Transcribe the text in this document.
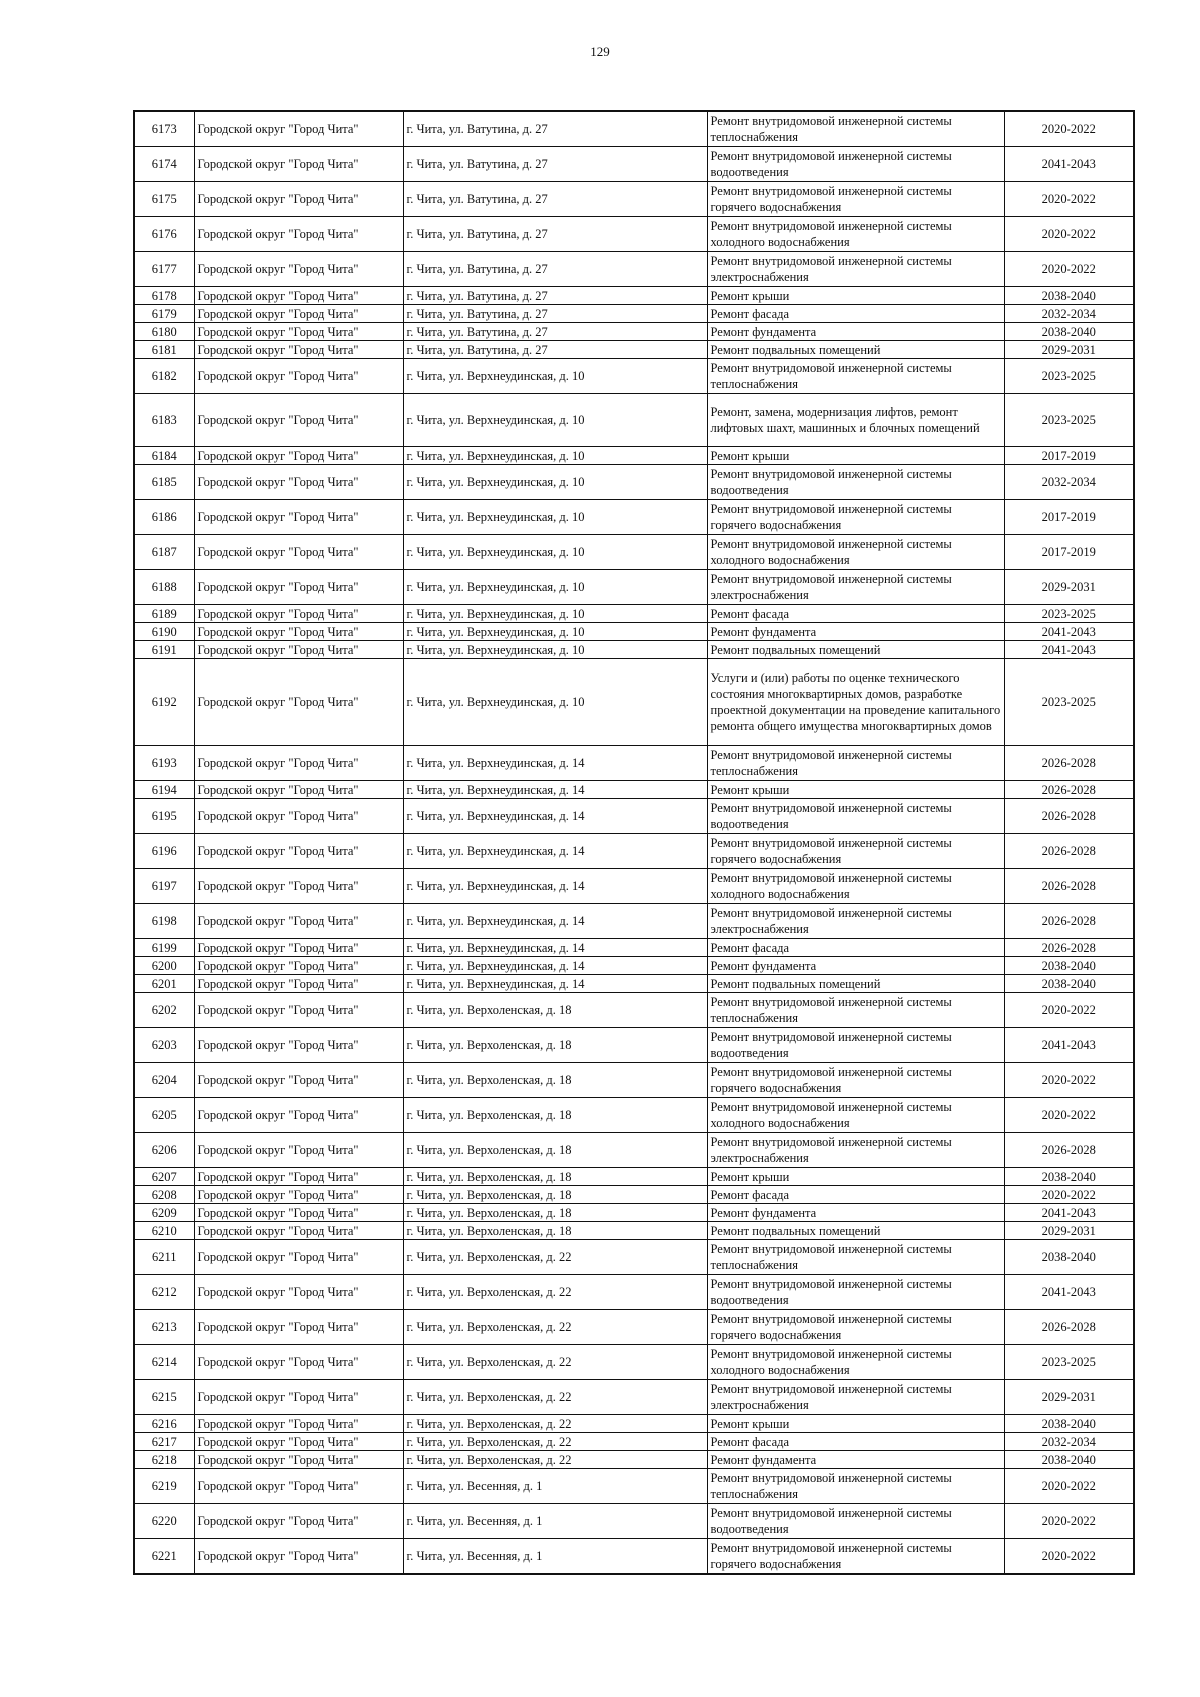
129
6173	Городской округ "Город Чита"	г. Чита, ул. Ватутина, д. 27	Ремонт внутридомовой инженерной системы теплоснабжения	2020-2022
6174	Городской округ "Город Чита"	г. Чита, ул. Ватутина, д. 27	Ремонт внутридомовой инженерной системы водоотведения	2041-2043
6175	Городской округ "Город Чита"	г. Чита, ул. Ватутина, д. 27	Ремонт внутридомовой инженерной системы горячего водоснабжения	2020-2022
6176	Городской округ "Город Чита"	г. Чита, ул. Ватутина, д. 27	Ремонт внутридомовой инженерной системы холодного водоснабжения	2020-2022
6177	Городской округ "Город Чита"	г. Чита, ул. Ватутина, д. 27	Ремонт внутридомовой инженерной системы электроснабжения	2020-2022
6178	Городской округ "Город Чита"	г. Чита, ул. Ватутина, д. 27	Ремонт крыши	2038-2040
6179	Городской округ "Город Чита"	г. Чита, ул. Ватутина, д. 27	Ремонт фасада	2032-2034
6180	Городской округ "Город Чита"	г. Чита, ул. Ватутина, д. 27	Ремонт фундамента	2038-2040
6181	Городской округ "Город Чита"	г. Чита, ул. Ватутина, д. 27	Ремонт подвальных помещений	2029-2031
6182	Городской округ "Город Чита"	г. Чита, ул. Верхнеудинская, д. 10	Ремонт внутридомовой инженерной системы теплоснабжения	2023-2025
6183	Городской округ "Город Чита"	г. Чита, ул. Верхнеудинская, д. 10	Ремонт, замена, модернизация лифтов, ремонт лифтовых шахт, машинных и блочных помещений	2023-2025
6184	Городской округ "Город Чита"	г. Чита, ул. Верхнеудинская, д. 10	Ремонт крыши	2017-2019
6185	Городской округ "Город Чита"	г. Чита, ул. Верхнеудинская, д. 10	Ремонт внутридомовой инженерной системы водоотведения	2032-2034
6186	Городской округ "Город Чита"	г. Чита, ул. Верхнеудинская, д. 10	Ремонт внутридомовой инженерной системы горячего водоснабжения	2017-2019
6187	Городской округ "Город Чита"	г. Чита, ул. Верхнеудинская, д. 10	Ремонт внутридомовой инженерной системы холодного водоснабжения	2017-2019
6188	Городской округ "Город Чита"	г. Чита, ул. Верхнеудинская, д. 10	Ремонт внутридомовой инженерной системы электроснабжения	2029-2031
6189	Городской округ "Город Чита"	г. Чита, ул. Верхнеудинская, д. 10	Ремонт фасада	2023-2025
6190	Городской округ "Город Чита"	г. Чита, ул. Верхнеудинская, д. 10	Ремонт фундамента	2041-2043
6191	Городской округ "Город Чита"	г. Чита, ул. Верхнеудинская, д. 10	Ремонт подвальных помещений	2041-2043
6192	Городской округ "Город Чита"	г. Чита, ул. Верхнеудинская, д. 10	Услуги и (или) работы по оценке технического состояния многоквартирных домов, разработке проектной документации на проведение капитального ремонта общего имущества многоквартирных домов	2023-2025
6193	Городской округ "Город Чита"	г. Чита, ул. Верхнеудинская, д. 14	Ремонт внутридомовой инженерной системы теплоснабжения	2026-2028
6194	Городской округ "Город Чита"	г. Чита, ул. Верхнеудинская, д. 14	Ремонт крыши	2026-2028
6195	Городской округ "Город Чита"	г. Чита, ул. Верхнеудинская, д. 14	Ремонт внутридомовой инженерной системы водоотведения	2026-2028
6196	Городской округ "Город Чита"	г. Чита, ул. Верхнеудинская, д. 14	Ремонт внутридомовой инженерной системы горячего водоснабжения	2026-2028
6197	Городской округ "Город Чита"	г. Чита, ул. Верхнеудинская, д. 14	Ремонт внутридомовой инженерной системы холодного водоснабжения	2026-2028
6198	Городской округ "Город Чита"	г. Чита, ул. Верхнеудинская, д. 14	Ремонт внутридомовой инженерной системы электроснабжения	2026-2028
6199	Городской округ "Город Чита"	г. Чита, ул. Верхнеудинская, д. 14	Ремонт фасада	2026-2028
6200	Городской округ "Город Чита"	г. Чита, ул. Верхнеудинская, д. 14	Ремонт фундамента	2038-2040
6201	Городской округ "Город Чита"	г. Чита, ул. Верхнеудинская, д. 14	Ремонт подвальных помещений	2038-2040
6202	Городской округ "Город Чита"	г. Чита, ул. Верхоленская, д. 18	Ремонт внутридомовой инженерной системы теплоснабжения	2020-2022
6203	Городской округ "Город Чита"	г. Чита, ул. Верхоленская, д. 18	Ремонт внутридомовой инженерной системы водоотведения	2041-2043
6204	Городской округ "Город Чита"	г. Чита, ул. Верхоленская, д. 18	Ремонт внутридомовой инженерной системы горячего водоснабжения	2020-2022
6205	Городской округ "Город Чита"	г. Чита, ул. Верхоленская, д. 18	Ремонт внутридомовой инженерной системы холодного водоснабжения	2020-2022
6206	Городской округ "Город Чита"	г. Чита, ул. Верхоленская, д. 18	Ремонт внутридомовой инженерной системы электроснабжения	2026-2028
6207	Городской округ "Город Чита"	г. Чита, ул. Верхоленская, д. 18	Ремонт крыши	2038-2040
6208	Городской округ "Город Чита"	г. Чита, ул. Верхоленская, д. 18	Ремонт фасада	2020-2022
6209	Городской округ "Город Чита"	г. Чита, ул. Верхоленская, д. 18	Ремонт фундамента	2041-2043
6210	Городской округ "Город Чита"	г. Чита, ул. Верхоленская, д. 18	Ремонт подвальных помещений	2029-2031
6211	Городской округ "Город Чита"	г. Чита, ул. Верхоленская, д. 22	Ремонт внутридомовой инженерной системы теплоснабжения	2038-2040
6212	Городской округ "Город Чита"	г. Чита, ул. Верхоленская, д. 22	Ремонт внутридомовой инженерной системы водоотведения	2041-2043
6213	Городской округ "Город Чита"	г. Чита, ул. Верхоленская, д. 22	Ремонт внутридомовой инженерной системы горячего водоснабжения	2026-2028
6214	Городской округ "Город Чита"	г. Чита, ул. Верхоленская, д. 22	Ремонт внутридомовой инженерной системы холодного водоснабжения	2023-2025
6215	Городской округ "Город Чита"	г. Чита, ул. Верхоленская, д. 22	Ремонт внутридомовой инженерной системы электроснабжения	2029-2031
6216	Городской округ "Город Чита"	г. Чита, ул. Верхоленская, д. 22	Ремонт крыши	2038-2040
6217	Городской округ "Город Чита"	г. Чита, ул. Верхоленская, д. 22	Ремонт фасада	2032-2034
6218	Городской округ "Город Чита"	г. Чита, ул. Верхоленская, д. 22	Ремонт фундамента	2038-2040
6219	Городской округ "Город Чита"	г. Чита, ул. Весенняя, д. 1	Ремонт внутридомовой инженерной системы теплоснабжения	2020-2022
6220	Городской округ "Город Чита"	г. Чита, ул. Весенняя, д. 1	Ремонт внутридомовой инженерной системы водоотведения	2020-2022
6221	Городской округ "Город Чита"	г. Чита, ул. Весенняя, д. 1	Ремонт внутридомовой инженерной системы горячего водоснабжения	2020-2022
